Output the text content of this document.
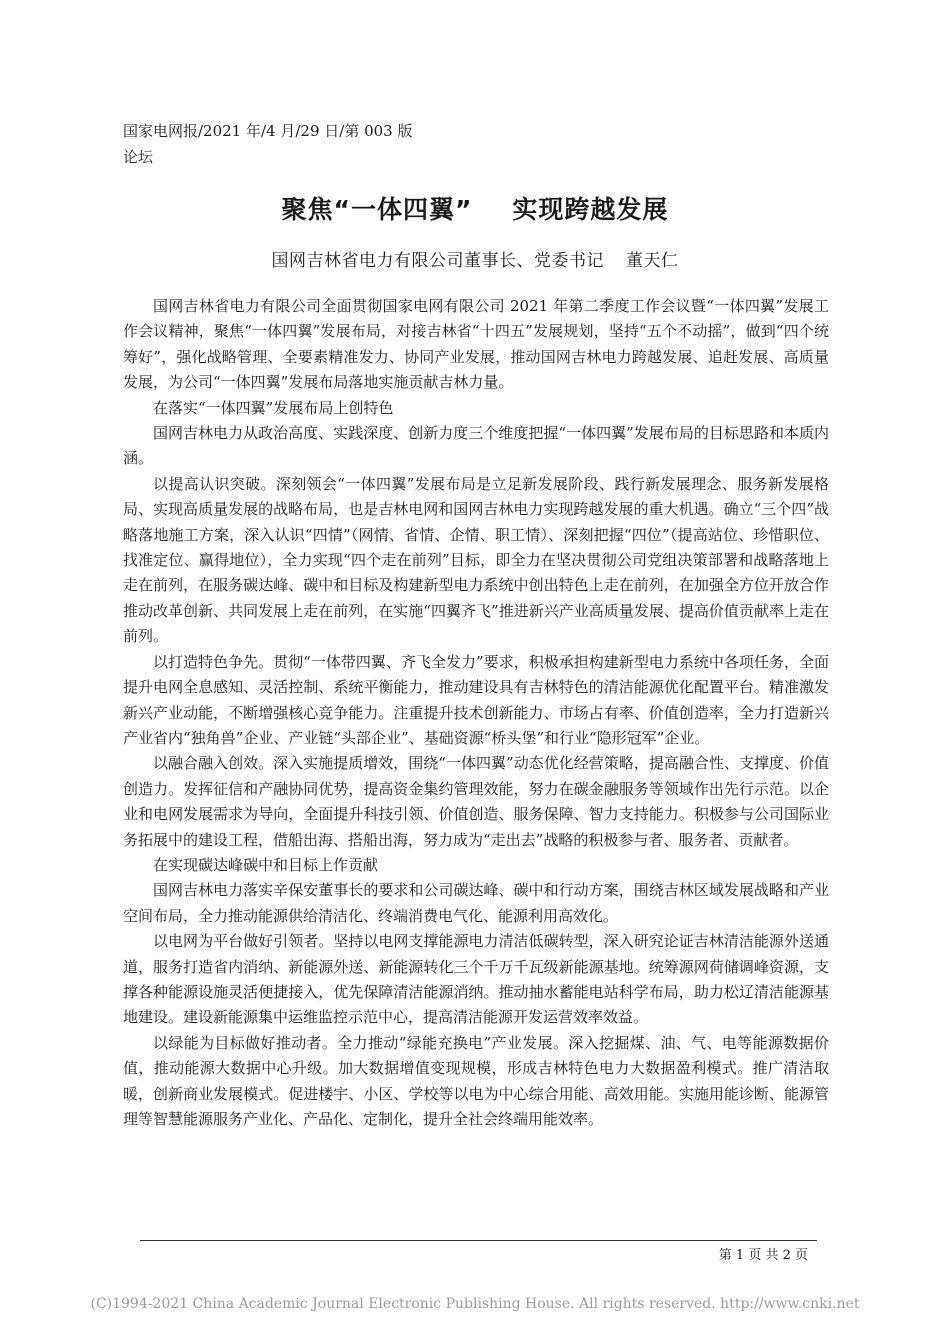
国家电网报/2021 年/4 月/29 日/第 003 版
论坛
聚焦“一体四翼” 实现跨越发展
国网吉林省电力有限公司董事长、党委书记 董天仁

国网吉林省电力有限公司全面贯彻国家电网有限公司 2021 年第二季度工作会议暨“一体四翼”发展工作会议精神，聚焦“一体四翼”发展布局，对接吉林省“十四五”发展规划，坚持“五个不动摇”，做到“四个统筹好”，强化战略管理、全要素精准发力、协同产业发展，推动国网吉林电力跨越发展、追赶发展、高质量发展，为公司“一体四翼”发展布局落地实施贡献吉林力量。

在落实“一体四翼”发展布局上创特色

国网吉林电力从政治高度、实践深度、创新力度三个维度把握“一体四翼”发展布局的目标思路和本质内涵。

以提高认识突破。深刻领会“一体四翼”发展布局是立足新发展阶段、践行新发展理念、服务新发展格局、实现高质量发展的战略布局，也是吉林电网和国网吉林电力实现跨越发展的重大机遇。确立“三个四”战略落地施工方案，深入认识“四情”（网情、省情、企情、职工情）、深刻把握“四位”（提高站位、珍惜职位、找准定位、赢得地位），全力实现“四个走在前列”目标，即全力在坚决贯彻公司党组决策部署和战略落地上走在前列，在服务碳达峰、碳中和目标及构建新型电力系统中创出特色上走在前列，在加强全方位开放合作推动改革创新、共同发展上走在前列，在实施“四翼齐飞”推进新兴产业高质量发展、提高价值贡献率上走在前列。

以打造特色争先。贯彻“一体带四翼、齐飞全发力”要求，积极承担构建新型电力系统中各项任务，全面提升电网全息感知、灵活控制、系统平衡能力，推动建设具有吉林特色的清洁能源优化配置平台。精准激发新兴产业动能，不断增强核心竞争能力。注重提升技术创新能力、市场占有率、价值创造率，全力打造新兴产业省内“独角兽”企业、产业链“头部企业”、基础资源“桥头堡”和行业“隐形冠军”企业。

以融合融入创效。深入实施提质增效，围绕“一体四翼”动态优化经营策略，提高融合性、支撑度、价值创造力。发挥征信和产融协同优势，提高资金集约管理效能，努力在碳金融服务等领域作出先行示范。以企业和电网发展需求为导向，全面提升科技引领、价值创造、服务保障、智力支持能力。积极参与公司国际业务拓展中的建设工程，借船出海、搭船出海，努力成为“走出去”战略的积极参与者、服务者、贡献者。

在实现碳达峰碳中和目标上作贡献

国网吉林电力落实辛保安董事长的要求和公司碳达峰、碳中和行动方案，围绕吉林区域发展战略和产业空间布局，全力推动能源供给清洁化、终端消费电气化、能源利用高效化。

以电网为平台做好引领者。坚持以电网支撑能源电力清洁低碳转型，深入研究论证吉林清洁能源外送通道，服务打造省内消纳、新能源外送、新能源转化三个千万千瓦级新能源基地。统筹源网荷储调峰资源，支撑各种能源设施灵活便捷接入，优先保障清洁能源消纳。推动抽水蓄能电站科学布局，助力松辽清洁能源基地建设。建设新能源集中运维监控示范中心，提高清洁能源开发运营效率效益。

以绿能为目标做好推动者。全力推动“绿能充换电”产业发展。深入挖掘煤、油、气、电等能源数据价值，推动能源大数据中心升级。加大数据增值变现规模，形成吉林特色电力大数据盈利模式。推广清洁取暖，创新商业发展模式。促进楼宇、小区、学校等以电为中心综合用能、高效用能。实施用能诊断、能源管理等智慧能源服务产业化、产品化、定制化，提升全社会终端用能效率。

第 1 页 共 2 页
(C)1994-2021 China Academic Journal Electronic Publishing House. All rights reserved. http://www.cnki.net
